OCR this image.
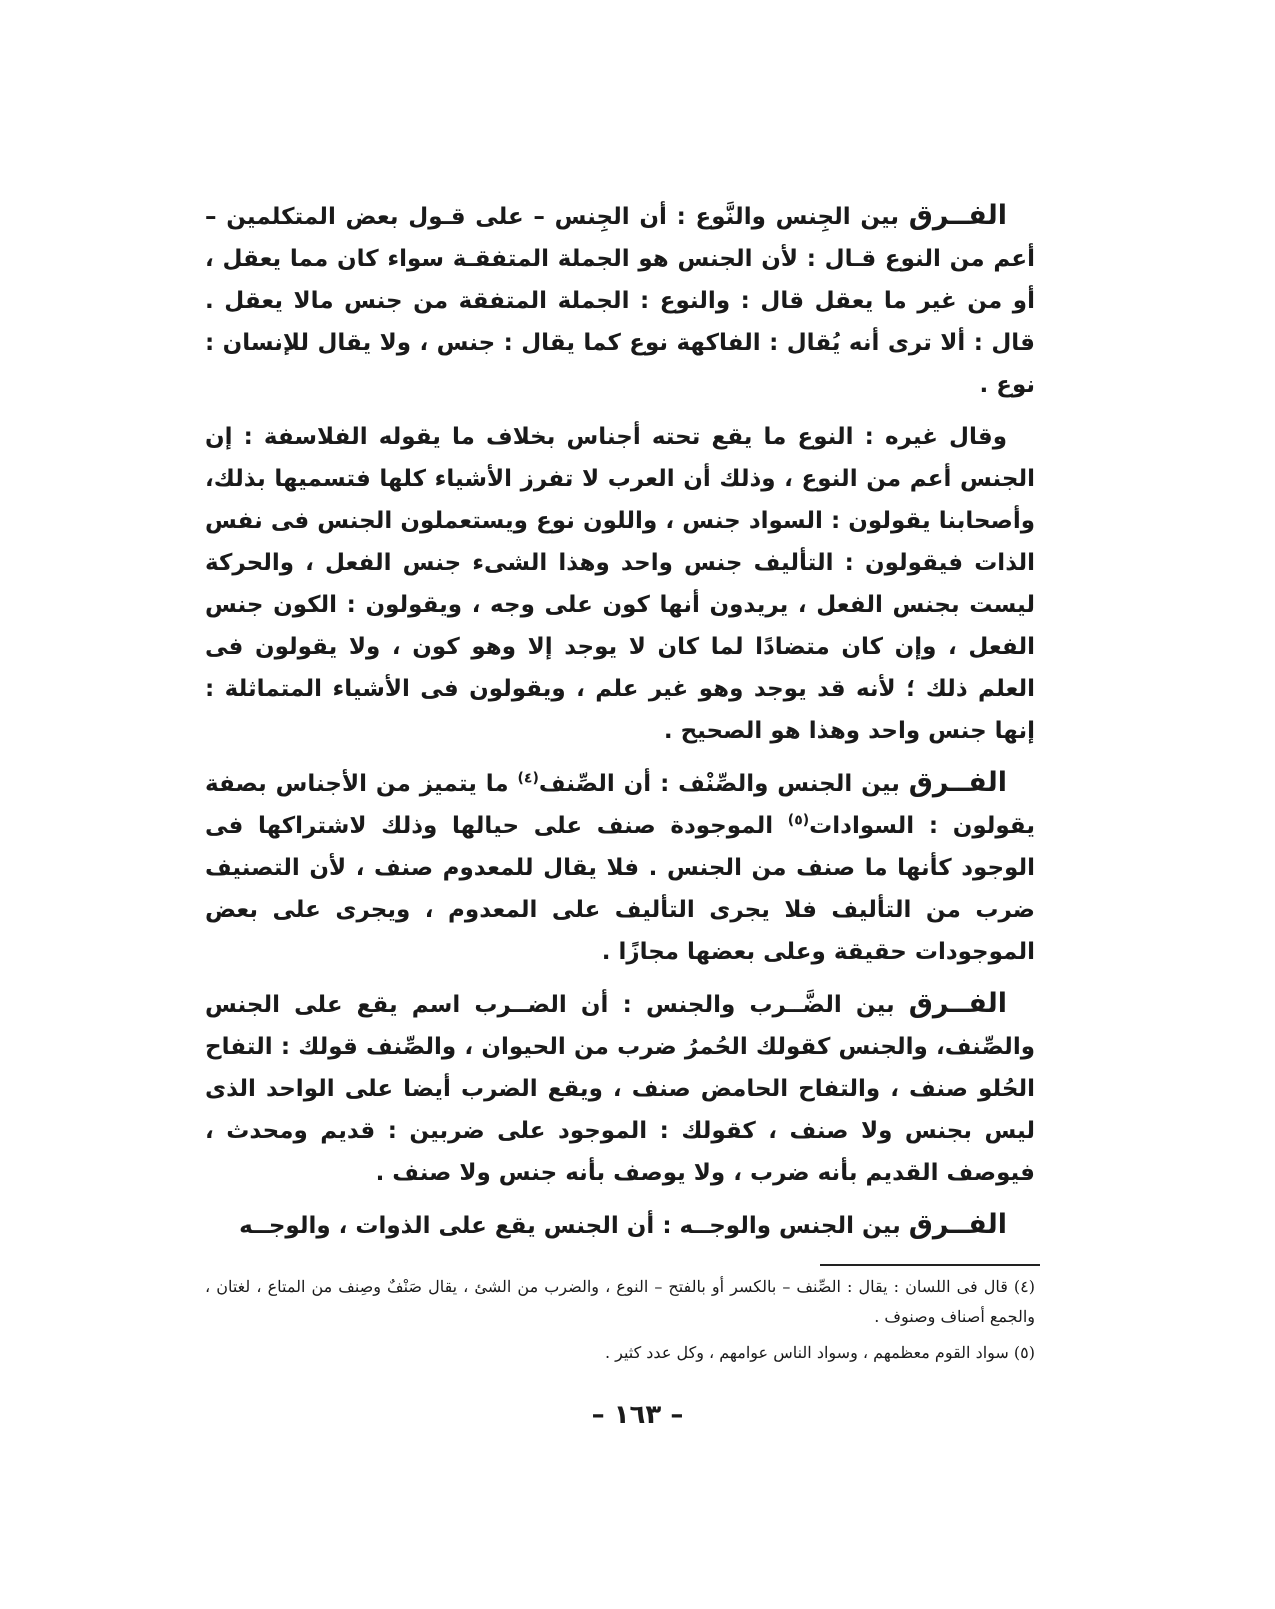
الفــرق بين الجِنس والنَّوع : أن الجِنس – على قـول بعض المتكلمين – أعم من النوع قـال : لأن الجنس هو الجملة المتفقـة سواء كان مما يعقل ، أو من غير ما يعقل قال : والنوع : الجملة المتفقة من جنس مالا يعقل . قال : ألا ترى أنه يُقال : الفاكهة نوع كما يقال : جنس ، ولا يقال للإنسان : نوع .

وقال غيره : النوع ما يقع تحته أجناس بخلاف ما يقوله الفلاسفة : إن الجنس أعم من النوع ، وذلك أن العرب لا تفرز الأشياء كلها فتسميها بذلك، وأصحابنا يقولون : السواد جنس ، واللون نوع ويستعملون الجنس فى نفس الذات فيقولون : التأليف جنس واحد وهذا الشىء جنس الفعل ، والحركة ليست بجنس الفعل ، يريدون أنها كون على وجه ، ويقولون : الكون جنس الفعل ، وإن كان متضادًا لما كان لا يوجد إلا وهو كون ، ولا يقولون فى العلم ذلك ؛ لأنه قد يوجد وهو غير علم ، ويقولون فى الأشياء المتماثلة : إنها جنس واحد وهذا هو الصحيح .

الفــرق بين الجنس والصِّنْف : أن الصِّنف$^{(٤)}$ ما يتميز من الأجناس بصفة يقولون : السوادات$^{(٥)}$ الموجودة صنف على حيالها وذلك لاشتراكها فى الوجود كأنها ما صنف من الجنس . فلا يقال للمعدوم صنف ، لأن التصنيف ضرب من التأليف فلا يجرى التأليف على المعدوم ، ويجرى على بعض الموجودات حقيقة وعلى بعضها مجازًا .

الفــرق بين الضَّــرب والجنس : أن الضــرب اسم يقع على الجنس والصِّنف، والجنس كقولك الحُمرُ ضرب من الحيوان ، والصِّنف قولك : التفاح الحُلو صنف ، والتفاح الحامض صنف ، ويقع الضرب أيضا على الواحد الذى ليس بجنس ولا صنف ، كقولك : الموجود على ضربين : قديم ومحدث ، فيوصف القديم بأنه ضرب ، ولا يوصف بأنه جنس ولا صنف .

الفــرق بين الجنس والوجــه : أن الجنس يقع على الذوات ، والوجــه

(٤) قال فى اللسان : يقال : الصِّنف – بالكسر أو بالفتح – النوع ، والضرب من الشئ ، يقال صَنْفٌ وصِنف من المتاع ، لغتان ، والجمع أصناف وصنوف .

(٥) سواد القوم معظمهم ، وسواد الناس عوامهم ، وكل عدد كثير .

– ١٦٣ –
